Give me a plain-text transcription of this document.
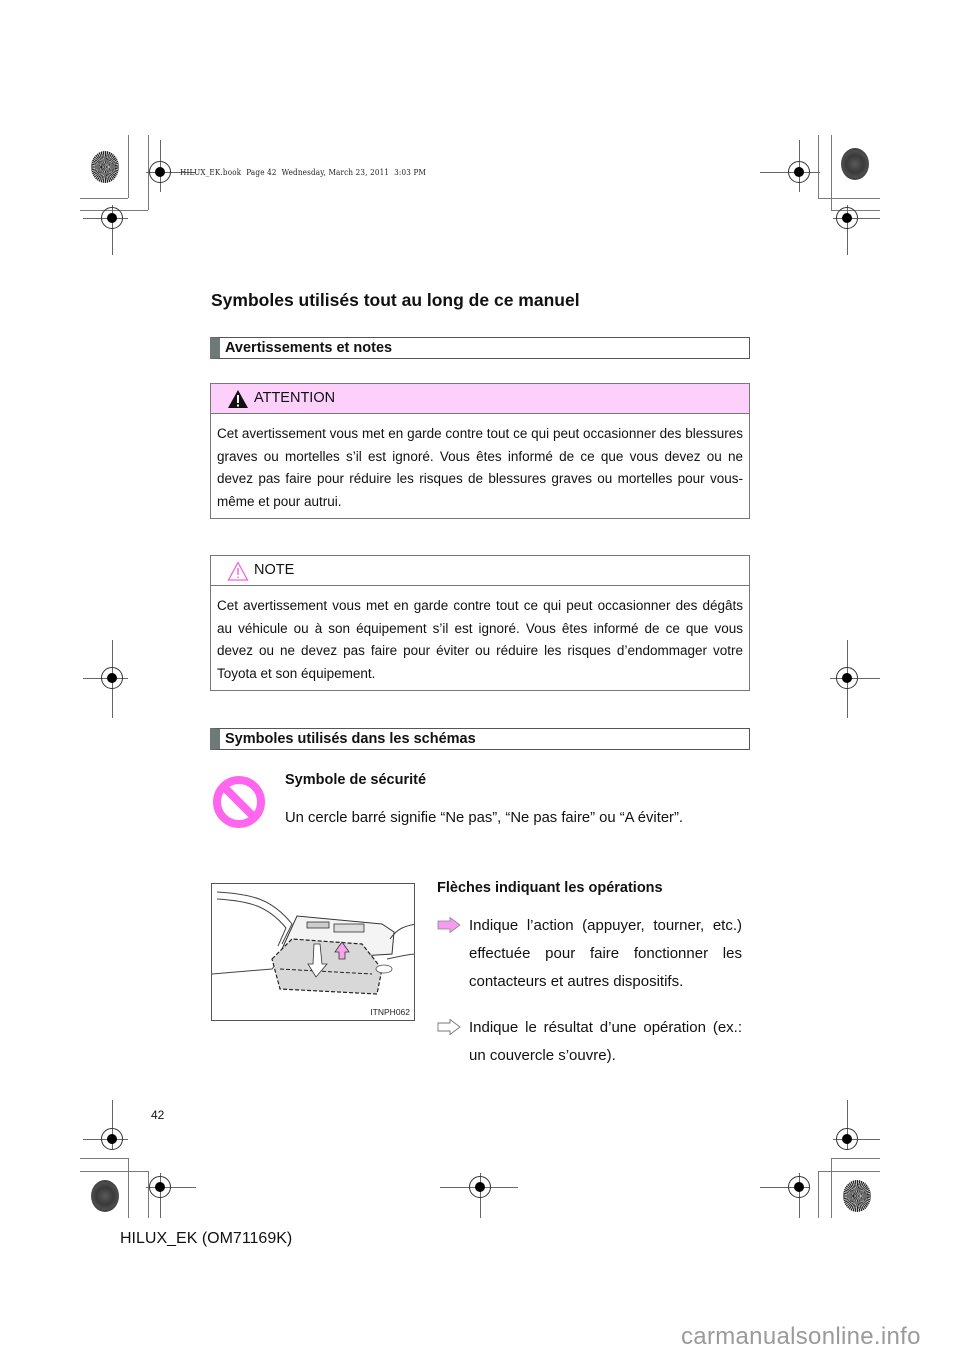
HILUX_EK.book  Page 42  Wednesday, March 23, 2011  3:03 PM
Symboles utilisés tout au long de ce manuel
Avertissements et notes
ATTENTION
Cet avertissement vous met en garde contre tout ce qui peut occasionner des blessures graves ou mortelles s’il est ignoré. Vous êtes informé de ce que vous devez ou ne devez pas faire pour réduire les risques de blessures graves ou mortelles pour vous-même et pour autrui.
NOTE
Cet avertissement vous met en garde contre tout ce qui peut occasionner des dégâts au véhicule ou à son équipement s’il est ignoré. Vous êtes informé de ce que vous devez ou ne devez pas faire pour éviter ou réduire les risques d’endommager votre Toyota et son équipement.
Symboles utilisés dans les schémas
Symbole de sécurité
Un cercle barré signifie “Ne pas”, “Ne pas faire” ou “A éviter”.
ITNPH062
Flèches indiquant les opérations
Indique l’action (appuyer, tourner, etc.) effectuée pour faire fonctionner les contacteurs et autres dispositifs.
Indique le résultat d’une opération (ex.: un couvercle s’ouvre).
42
HILUX_EK (OM71169K)
carmanualsonline.info
